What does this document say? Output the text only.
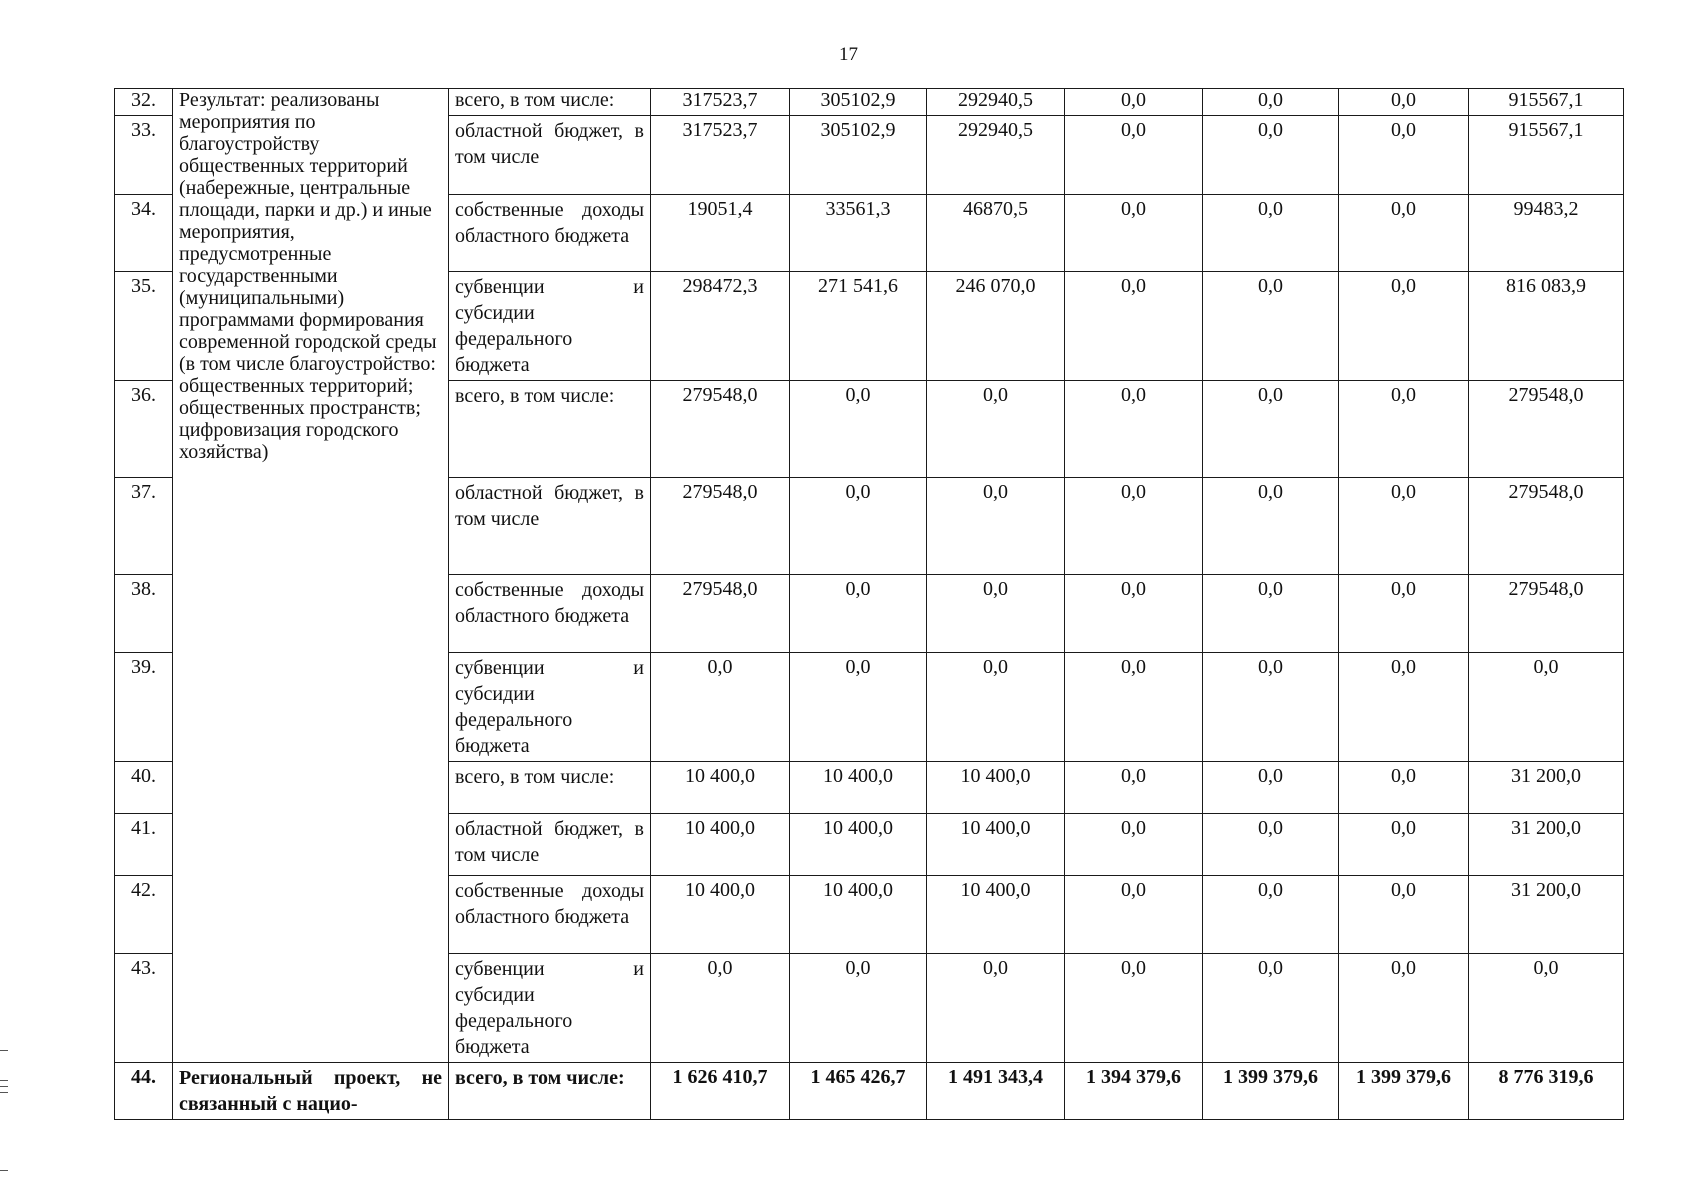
17
32.	Результат: реализованы мероприятия по благоустройству общественных территорий (набережные, центральные площади, парки и др.) и иные мероприятия, предусмотренные государственными (муниципальными) программами формирования современной городской среды (в том числе благоустройство: общественных территорий; общественных пространств; цифровизация городского хозяйства)	всего, в том числе:	317523,7	305102,9	292940,5	0,0	0,0	0,0	915567,1
33.		областной бюджет, в том числе	317523,7	305102,9	292940,5	0,0	0,0	0,0	915567,1
34.		собственные доходы областного бюджета	19051,4	33561,3	46870,5	0,0	0,0	0,0	99483,2
35.		субвенции и субсидии федерального бюджета	298472,3	271 541,6	246 070,0	0,0	0,0	0,0	816 083,9
36.		всего, в том числе:	279548,0	0,0	0,0	0,0	0,0	0,0	279548,0
37.		областной бюджет, в том числе	279548,0	0,0	0,0	0,0	0,0	0,0	279548,0
38.		собственные доходы областного бюджета	279548,0	0,0	0,0	0,0	0,0	0,0	279548,0
39.		субвенции и субсидии федерального бюджета	0,0	0,0	0,0	0,0	0,0	0,0	0,0
40.		всего, в том числе:	10 400,0	10 400,0	10 400,0	0,0	0,0	0,0	31 200,0
41.		областной бюджет, в том числе	10 400,0	10 400,0	10 400,0	0,0	0,0	0,0	31 200,0
42.		собственные доходы областного бюджета	10 400,0	10 400,0	10 400,0	0,0	0,0	0,0	31 200,0
43.		субвенции и субсидии федерального бюджета	0,0	0,0	0,0	0,0	0,0	0,0	0,0
44.	Региональный проект, не связанный с нацио-	всего, в том числе:	1 626 410,7	1 465 426,7	1 491 343,4	1 394 379,6	1 399 379,6	1 399 379,6	8 776 319,6
